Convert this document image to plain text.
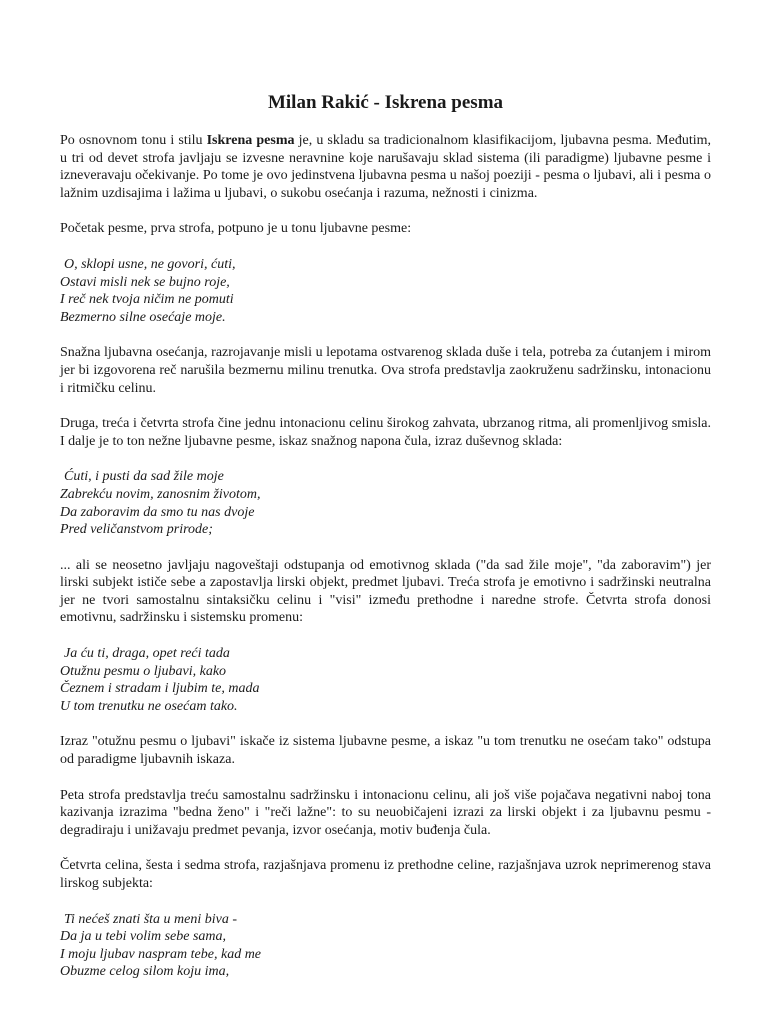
Milan Rakić - Iskrena pesma
Po osnovnom tonu i stilu Iskrena pesma je, u skladu sa tradicionalnom klasifikacijom, ljubavna pesma. Međutim, u tri od devet strofa javljaju se izvesne neravnine koje narušavaju sklad sistema (ili paradigme) ljubavne pesme i izneveravaju očekivanje. Po tome je ovo jedinstvena ljubavna pesma u našoj poeziji - pesma o ljubavi, ali i pesma o lažnim uzdisajima i lažima u ljubavi, o sukobu osećanja i razuma, nežnosti i cinizma.
Početak pesme, prva strofa, potpuno je u tonu ljubavne pesme:
O, sklopi usne, ne govori, ćuti,
Ostavi misli nek se bujno roje,
I reč nek tvoja ničim ne pomuti
Bezmerno silne osećaje moje.
Snažna ljubavna osećanja, razrojavanje misli u lepotama ostvarenog sklada duše i tela, potreba za ćutanjem i mirom jer bi izgovorena reč narušila bezmernu milinu trenutka. Ova strofa predstavlja zaokruženu sadržinsku, intonacionu i ritmičku celinu.
Druga, treća i četvrta strofa čine jednu intonacionu celinu širokog zahvata, ubrzanog ritma, ali promenljivog smisla. I dalje je to ton nežne ljubavne pesme, iskaz snažnog napona čula, izraz duševnog sklada:
Ćuti, i pusti da sad žile moje
Zabrekću novim, zanosnim životom,
Da zaboravim da smo tu nas dvoje
Pred veličanstvom prirode;
... ali se neosetno javljaju nagoveštaji odstupanja od emotivnog sklada ("da sad žile moje", "da zaboravim") jer lirski subjekt ističe sebe a zapostavlja lirski objekt, predmet ljubavi. Treća strofa je emotivno i sadržinski neutralna jer ne tvori samostalnu sintaksičku celinu i "visi" između prethodne i naredne strofe. Četvrta strofa donosi emotivnu, sadržinsku i sistemsku promenu:
Ja ću ti, draga, opet reći tada
Otužnu pesmu o ljubavi, kako
Čeznem i stradam i ljubim te, mada
U tom trenutku ne osećam tako.
Izraz "otužnu pesmu o ljubavi" iskače iz sistema ljubavne pesme, a iskaz "u tom trenutku ne osećam tako" odstupa od paradigme ljubavnih iskaza.
Peta strofa predstavlja treću samostalnu sadržinsku i intonacionu celinu, ali još više pojačava negativni naboj tona kazivanja izrazima "bedna ženo" i "reči lažne": to su neuobičajeni izrazi za lirski objekt i za ljubavnu pesmu - degradiraju i unižavaju predmet pevanja, izvor osećanja, motiv buđenja čula.
Četvrta celina, šesta i sedma strofa, razjašnjava promenu iz prethodne celine, razjašnjava uzrok neprimerenog stava lirskog subjekta:
Ti nećeš znati šta u meni biva -
Da ja u tebi volim sebe sama,
I moju ljubav naspram tebe, kad me
Obuzme celog silom koju ima,
